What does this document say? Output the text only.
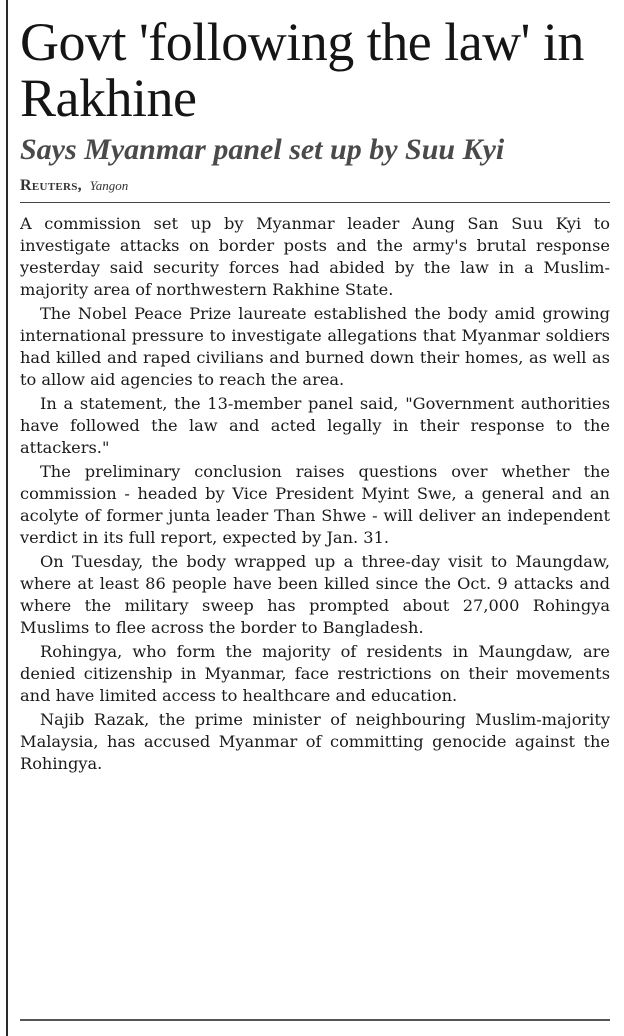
Govt 'following the law' in Rakhine
Says Myanmar panel set up by Suu Kyi
Reuters, Yangon

A commission set up by Myanmar leader Aung San Suu Kyi to investigate attacks on border posts and the army's brutal response yesterday said security forces had abided by the law in a Muslim-majority area of northwestern Rakhine State.

The Nobel Peace Prize laureate established the body amid growing international pressure to investigate allegations that Myanmar soldiers had killed and raped civilians and burned down their homes, as well as to allow aid agencies to reach the area.

In a statement, the 13-member panel said, "Government authorities have followed the law and acted legally in their response to the attackers."

The preliminary conclusion raises questions over whether the commission - headed by Vice President Myint Swe, a general and an acolyte of former junta leader Than Shwe - will deliver an independent verdict in its full report, expected by Jan. 31.

On Tuesday, the body wrapped up a three-day visit to Maungdaw, where at least 86 people have been killed since the Oct. 9 attacks and where the military sweep has prompted about 27,000 Rohingya Muslims to flee across the border to Bangladesh.

Rohingya, who form the majority of residents in Maungdaw, are denied citizenship in Myanmar, face restrictions on their movements and have limited access to healthcare and education.

Najib Razak, the prime minister of neighbouring Muslim-majority Malaysia, has accused Myanmar of committing genocide against the Rohingya.
